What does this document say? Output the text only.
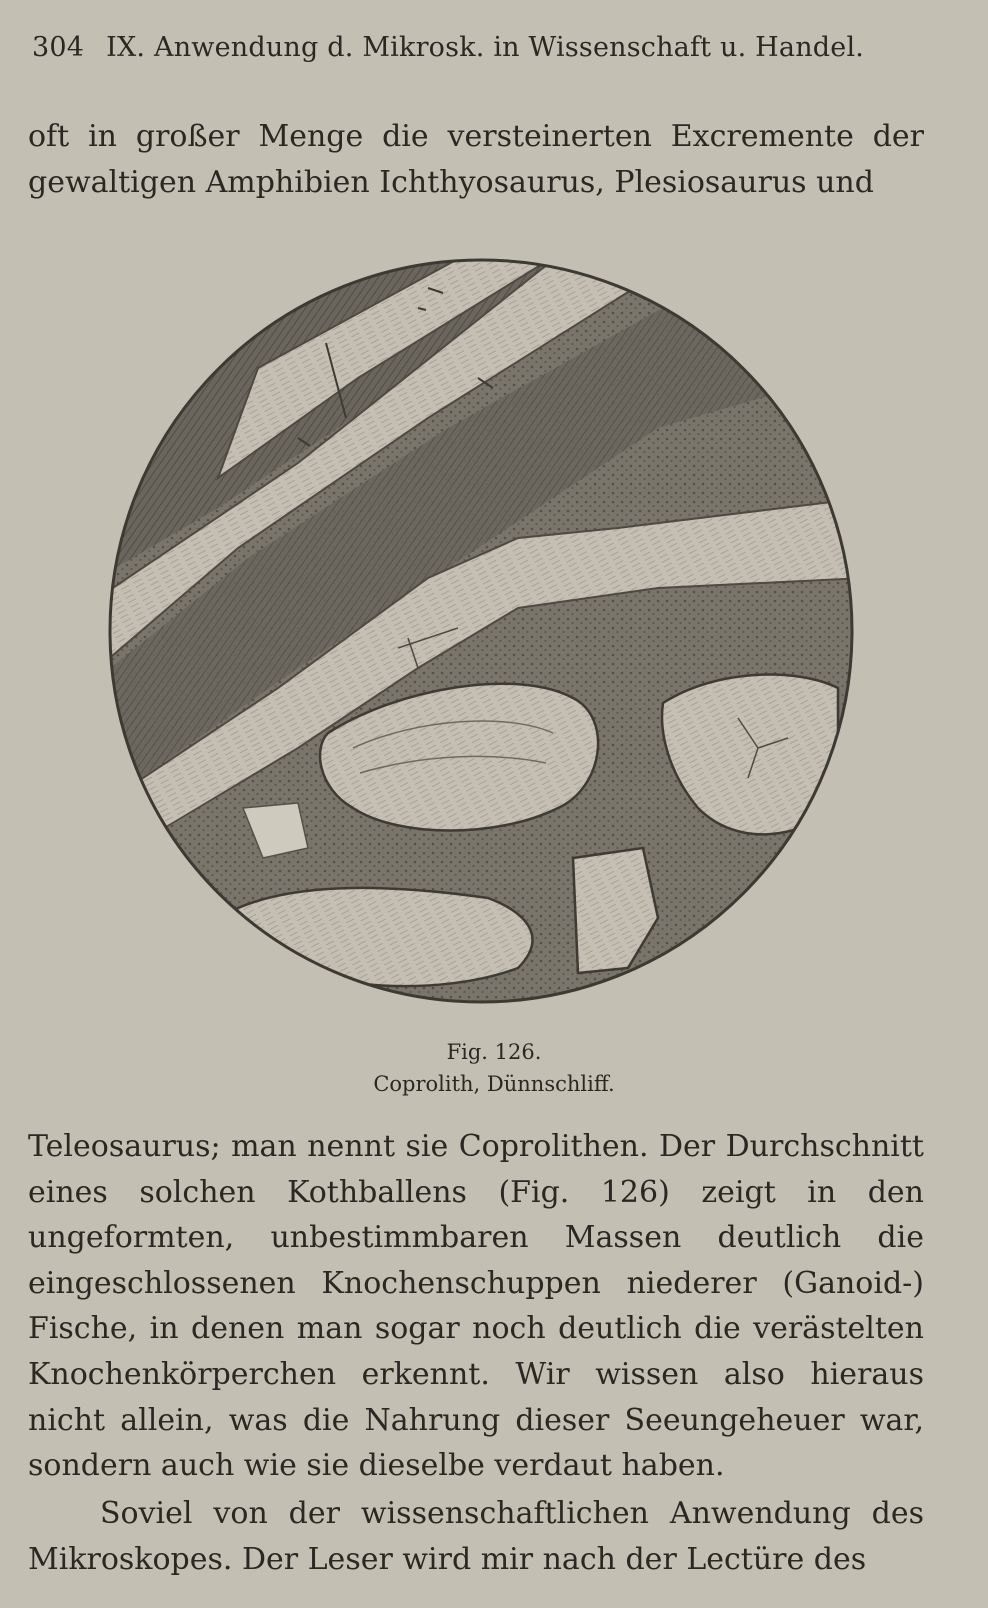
304 IX. Anwendung d. Mikrosk. in Wissenschaft u. Handel.
oft in großer Menge die versteinerten Excremente der gewaltigen Amphibien Ichthyosaurus, Plesiosaurus und
Fig. 126.
Coprolith, Dünnschliff.
Teleosaurus; man nennt sie Coprolithen. Der Durchschnitt eines solchen Kothballens (Fig. 126) zeigt in den ungeformten, unbestimmbaren Massen deutlich die eingeschlossenen Knochenschuppen niederer (Ganoid-) Fische, in denen man sogar noch deutlich die verästelten Knochenkörperchen erkennt. Wir wissen also hieraus nicht allein, was die Nahrung dieser Seeungeheuer war, sondern auch wie sie dieselbe verdaut haben.
Soviel von der wissenschaftlichen Anwendung des Mikroskopes. Der Leser wird mir nach der Lectüre des
